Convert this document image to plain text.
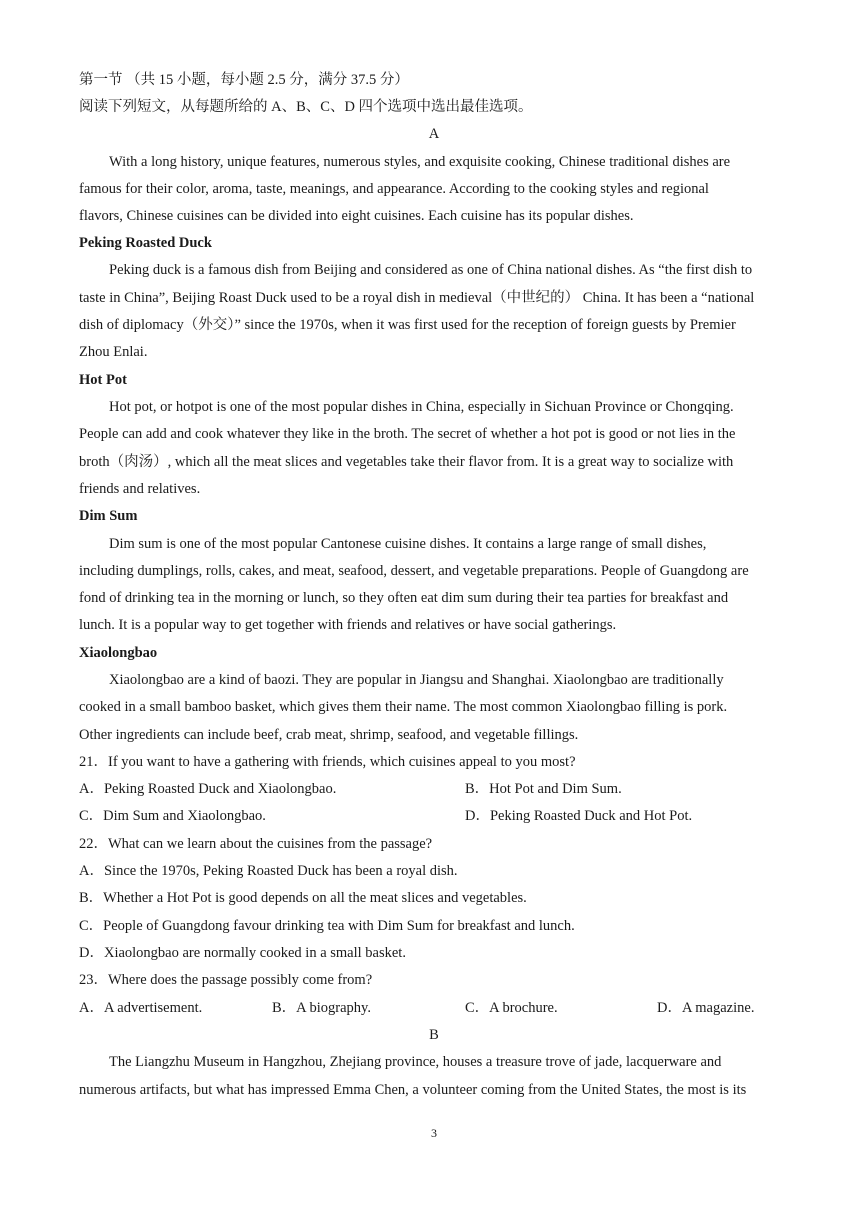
第一节 （共 15 小题，每小题 2.5 分，满分 37.5 分）
阅读下列短文，从每题所给的 A、B、C、D 四个选项中选出最佳选项。
A
With a long history, unique features, numerous styles, and exquisite cooking, Chinese traditional dishes are
famous for their color, aroma, taste, meanings, and appearance. According to the cooking styles and regional
flavors, Chinese cuisines can be divided into eight cuisines. Each cuisine has its popular dishes.
Peking Roasted Duck
Peking duck is a famous dish from Beijing and considered as one of China national dishes. As “the first dish to
taste in China”, Beijing Roast Duck used to be a royal dish in medieval（中世纪的） China. It has been a “national
dish of diplomacy（外交）” since the 1970s, when it was first used for the reception of foreign guests by Premier
Zhou Enlai.
Hot Pot
Hot pot, or hotpot is one of the most popular dishes in China, especially in Sichuan Province or Chongqing.
People can add and cook whatever they like in the broth. The secret of whether a hot pot is good or not lies in the
broth（肉汤）, which all the meat slices and vegetables take their flavor from. It is a great way to socialize with
friends and relatives.
Dim Sum
Dim sum is one of the most popular Cantonese cuisine dishes. It contains a large range of small dishes,
including dumplings, rolls, cakes, and meat, seafood, dessert, and vegetable preparations. People of Guangdong are
fond of drinking tea in the morning or lunch, so they often eat dim sum during their tea parties for breakfast and
lunch. It is a popular way to get together with friends and relatives or have social gatherings.
Xiaolongbao
Xiaolongbao are a kind of baozi. They are popular in Jiangsu and Shanghai. Xiaolongbao are traditionally
cooked in a small bamboo basket, which gives them their name. The most common Xiaolongbao filling is pork.
Other ingredients can include beef, crab meat, shrimp, seafood, and vegetable fillings.
21．If you want to have a gathering with friends, which cuisines appeal to you most?
A．Peking Roasted Duck and Xiaolongbao.	B．Hot Pot and Dim Sum.
C．Dim Sum and Xiaolongbao.	D．Peking Roasted Duck and Hot Pot.
22．What can we learn about the cuisines from the passage?
A．Since the 1970s, Peking Roasted Duck has been a royal dish.
B．Whether a Hot Pot is good depends on all the meat slices and vegetables.
C．People of Guangdong favour drinking tea with Dim Sum for breakfast and lunch.
D．Xiaolongbao are normally cooked in a small basket.
23．Where does the passage possibly come from?
A．A advertisement.	B．A biography.	C．A brochure.	D．A magazine.
B
The Liangzhu Museum in Hangzhou, Zhejiang province, houses a treasure trove of jade, lacquerware and
numerous artifacts, but what has impressed Emma Chen, a volunteer coming from the United States, the most is its
3
